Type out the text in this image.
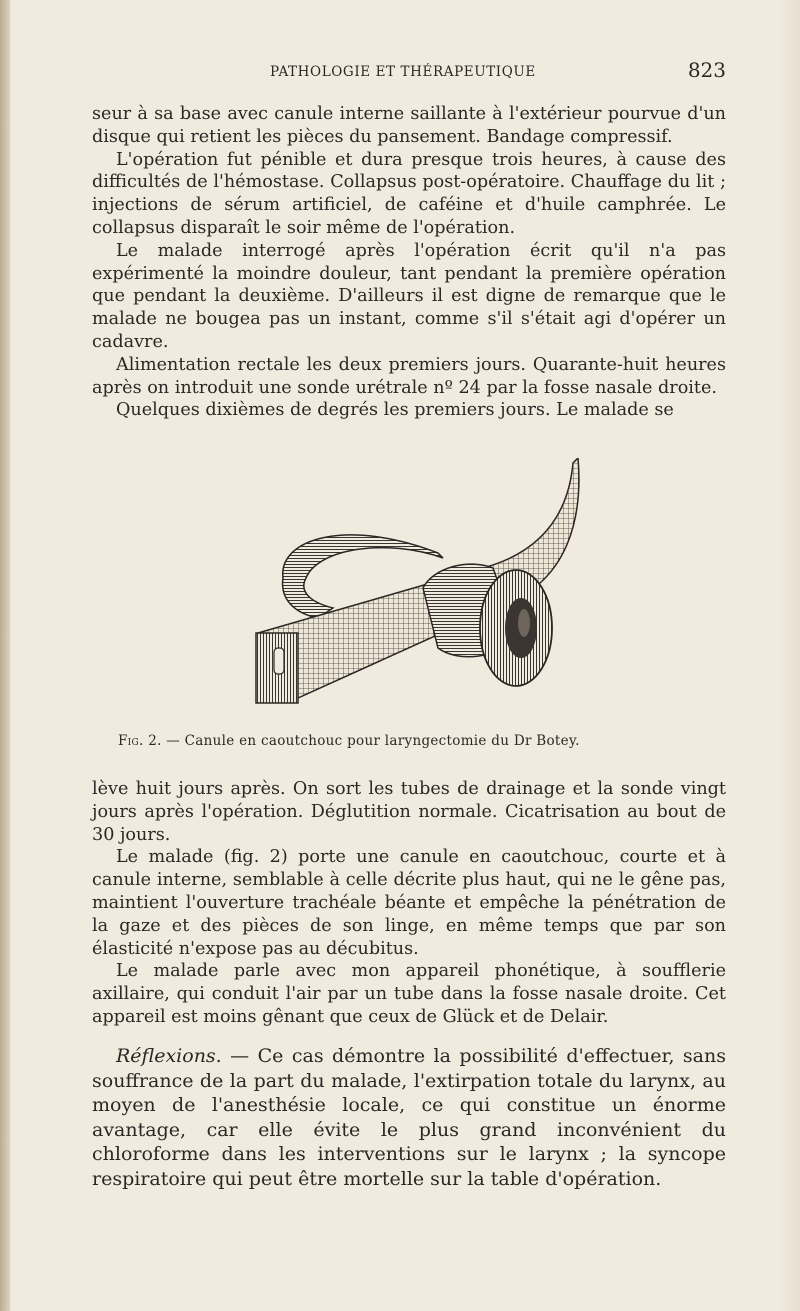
PATHOLOGIE ET THÉRAPEUTIQUE	823

seur à sa base avec canule interne saillante à l'extérieur pourvue d'un disque qui retient les pièces du pansement. Bandage compressif.

L'opération fut pénible et dura presque trois heures, à cause des difficultés de l'hémostase. Collapsus post-opératoire. Chauffage du lit ; injections de sérum artificiel, de caféine et d'huile camphrée. Le collapsus disparaît le soir même de l'opération.

Le malade interrogé après l'opération écrit qu'il n'a pas expérimenté la moindre douleur, tant pendant la première opération que pendant la deuxième. D'ailleurs il est digne de remarque que le malade ne bougea pas un instant, comme s'il s'était agi d'opérer un cadavre.

Alimentation rectale les deux premiers jours. Quarante-huit heures après on introduit une sonde urétrale nº 24 par la fosse nasale droite.

Quelques dixièmes de degrés les premiers jours. Le malade se

Fig. 2. — Canule en caoutchouc pour laryngectomie du Dr Botey.

lève huit jours après. On sort les tubes de drainage et la sonde vingt jours après l'opération. Déglutition normale. Cicatrisation au bout de 30 jours.

Le malade (fig. 2) porte une canule en caoutchouc, courte et à canule interne, semblable à celle décrite plus haut, qui ne le gêne pas, maintient l'ouverture trachéale béante et empêche la pénétration de la gaze et des pièces de son linge, en même temps que par son élasticité n'expose pas au décubitus.

Le malade parle avec mon appareil phonétique, à soufflerie axillaire, qui conduit l'air par un tube dans la fosse nasale droite. Cet appareil est moins gênant que ceux de Glück et de Delair.

Réflexions. — Ce cas démontre la possibilité d'effectuer, sans souffrance de la part du malade, l'extirpation totale du larynx, au moyen de l'anesthésie locale, ce qui constitue un énorme avantage, car elle évite le plus grand inconvénient du chloroforme dans les interventions sur le larynx ; la syncope respiratoire qui peut être mortelle sur la table d'opération.
